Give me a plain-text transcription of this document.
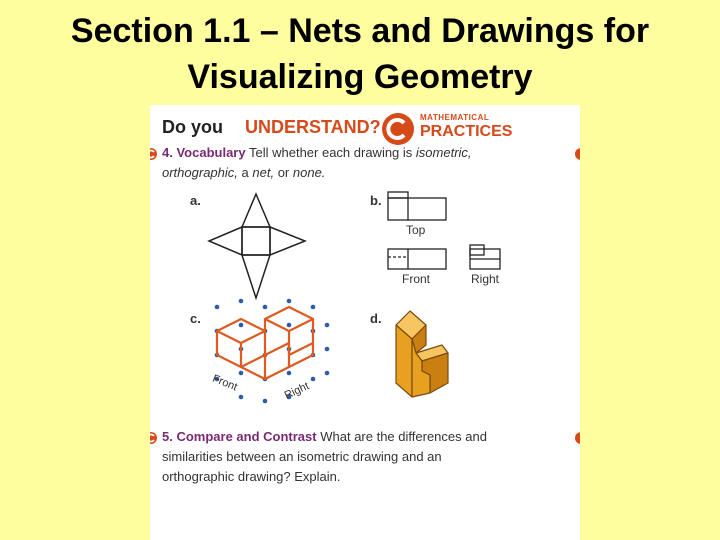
Section 1.1 – Nets and Drawings for
Visualizing Geometry
Do you UNDERSTAND?	MATHEMATICAL
PRACTICES
4. Vocabulary Tell whether each drawing is isometric,
orthographic, a net, or none.
a.	b.
Top
Front	Right
c.
Front	Right
d.
5. Compare and Contrast What are the differences and
similarities between an isometric drawing and an
orthographic drawing? Explain.
